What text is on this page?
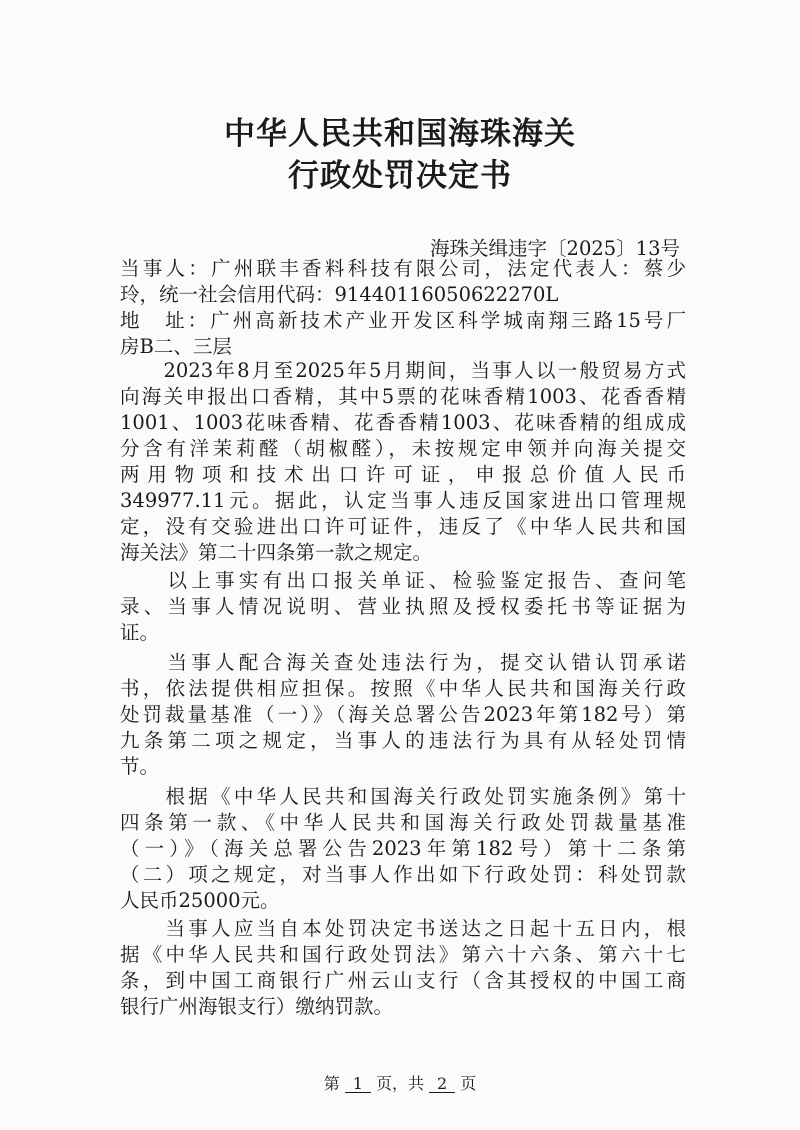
中华人民共和国海珠海关
行政处罚决定书
海珠关缉违字〔2025〕13号
当事人：广州联丰香料科技有限公司，法定代表人：蔡少
玲，统一社会信用代码：91440116050622270L
地　址：广州高新技术产业开发区科学城南翔三路15号厂
房B二、三层
　　2023年8月至2025年5月期间，当事人以一般贸易方式
向海关申报出口香精，其中5票的花味香精1003、花香香精
1001、1003花味香精、花香香精1003、花味香精的组成成
分含有洋茉莉醛（胡椒醛），未按规定申领并向海关提交
两用物项和技术出口许可证，申报总价值人民币
349977.11元。据此，认定当事人违反国家进出口管理规
定，没有交验进出口许可证件，违反了《中华人民共和国
海关法》第二十四条第一款之规定。
　　以上事实有出口报关单证、检验鉴定报告、查问笔
录、当事人情况说明、营业执照及授权委托书等证据为
证。
　　当事人配合海关查处违法行为，提交认错认罚承诺
书，依法提供相应担保。按照《中华人民共和国海关行政
处罚裁量基准（一）》（海关总署公告2023年第182号）第
九条第二项之规定，当事人的违法行为具有从轻处罚情
节。
　　根据《中华人民共和国海关行政处罚实施条例》第十
四条第一款、《中华人民共和国海关行政处罚裁量基准
（一）》（海关总署公告2023年第182号）第十二条第
（二）项之规定，对当事人作出如下行政处罚：科处罚款
人民币25000元。
　　当事人应当自本处罚决定书送达之日起十五日内，根
据《中华人民共和国行政处罚法》第六十六条、第六十七
条，到中国工商银行广州云山支行（含其授权的中国工商
银行广州海银支行）缴纳罚款。
第 1 页，共 2 页
